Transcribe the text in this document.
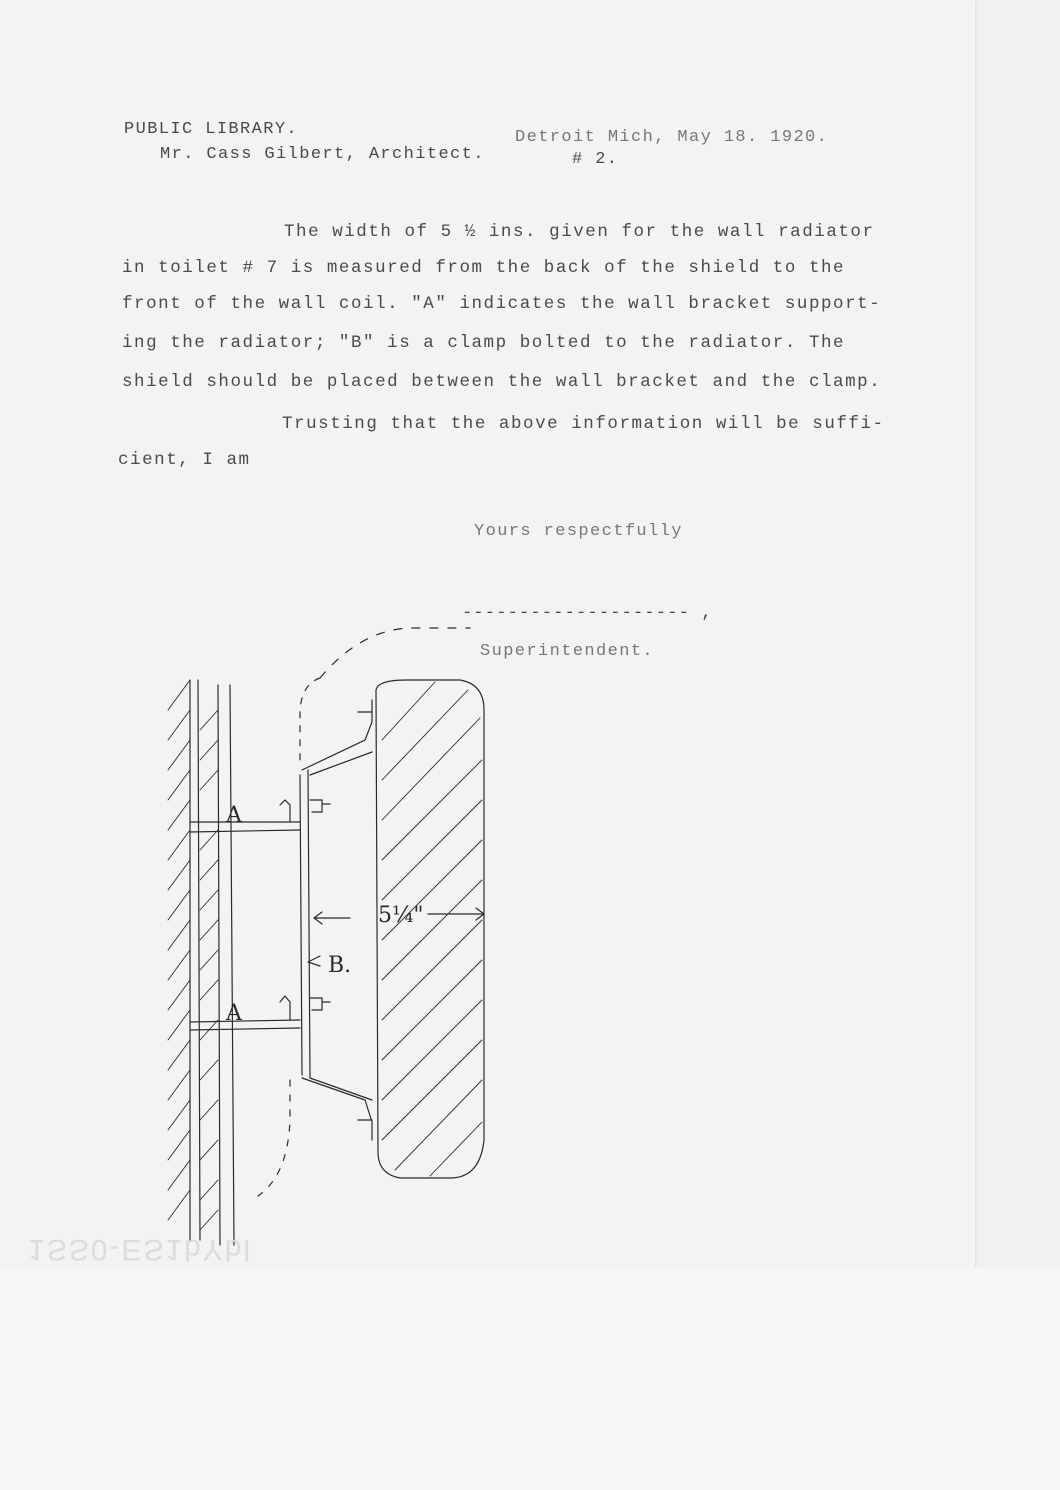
PUBLIC LIBRARY.
Mr. Cass Gilbert, Architect.
Detroit Mich, May 18. 1920.
# 2.
The width of 5 ½ ins. given for the wall radiator
in toilet # 7 is measured from the back of the shield to the
front of the wall coil. "A" indicates the wall bracket support-
ing the radiator; "B" is a clamp bolted to the radiator. The
shield should be placed between the wall bracket and the clamp.
Trusting that the above information will be suffi-
cient, I am
Yours respectfully
-------------------- ,
Superintendent.
A
A
B.
5¼"
1SS0-ES1bYbl
